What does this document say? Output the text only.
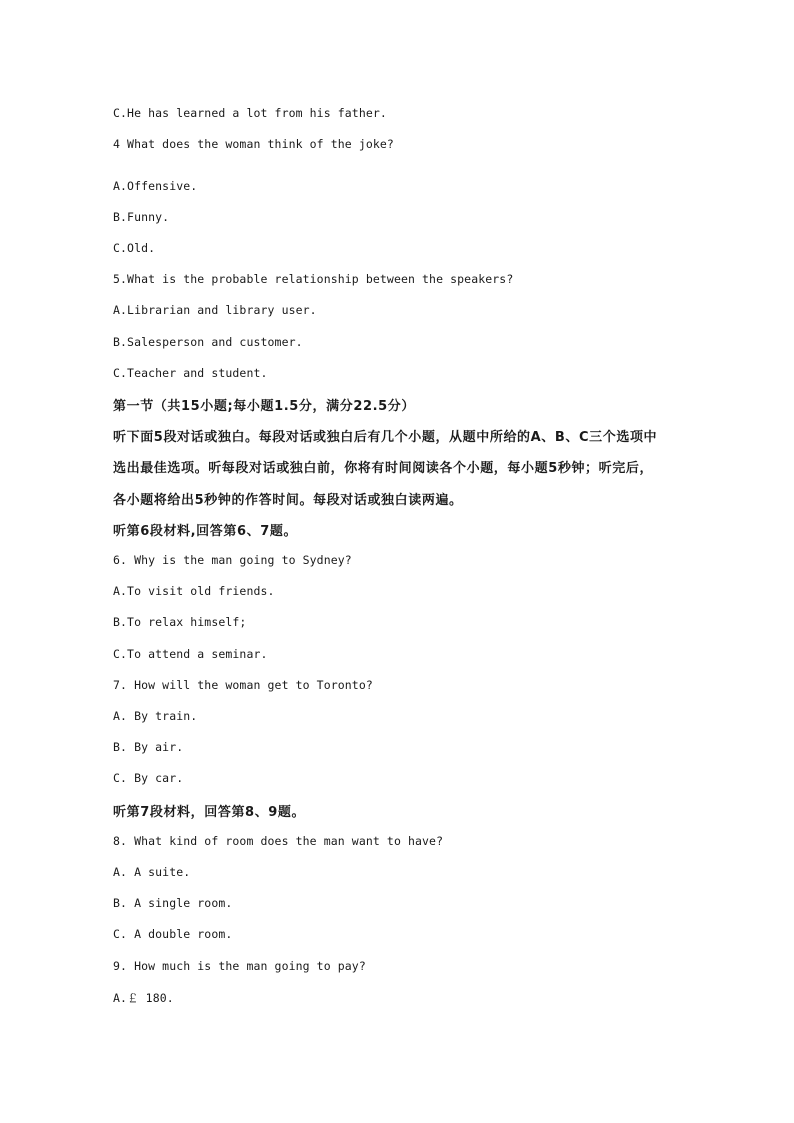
C.He has learned a lot from his father.
4 What does the woman think of the joke?
A.Offensive.
B.Funny.
C.Old.
5.What is the probable relationship between the speakers?
A.Librarian and library user.
B.Salesperson and customer.
C.Teacher and student.
第一节（共15小题;每小题1.5分，满分22.5分）
听下面5段对话或独白。每段对话或独白后有几个小题，从题中所给的A、B、C三个选项中
选出最佳选项。听每段对话或独白前，你将有时间阅读各个小题，每小题5秒钟；听完后，
各小题将给出5秒钟的作答时间。每段对话或独白读两遍。
听第6段材料,回答第6、7题。
6. Why is the man going to Sydney?
A.To visit old friends.
B.To relax himself;
C.To attend a seminar.
7. How will the woman get to Toronto?
A. By train.
B. By air.
C. By car.
听第7段材料，回答第8、9题。
8. What kind of room does the man want to have?
A. A suite.
B. A single room.
C. A double room.
9. How much is the man going to pay?
A.￡ 180.
